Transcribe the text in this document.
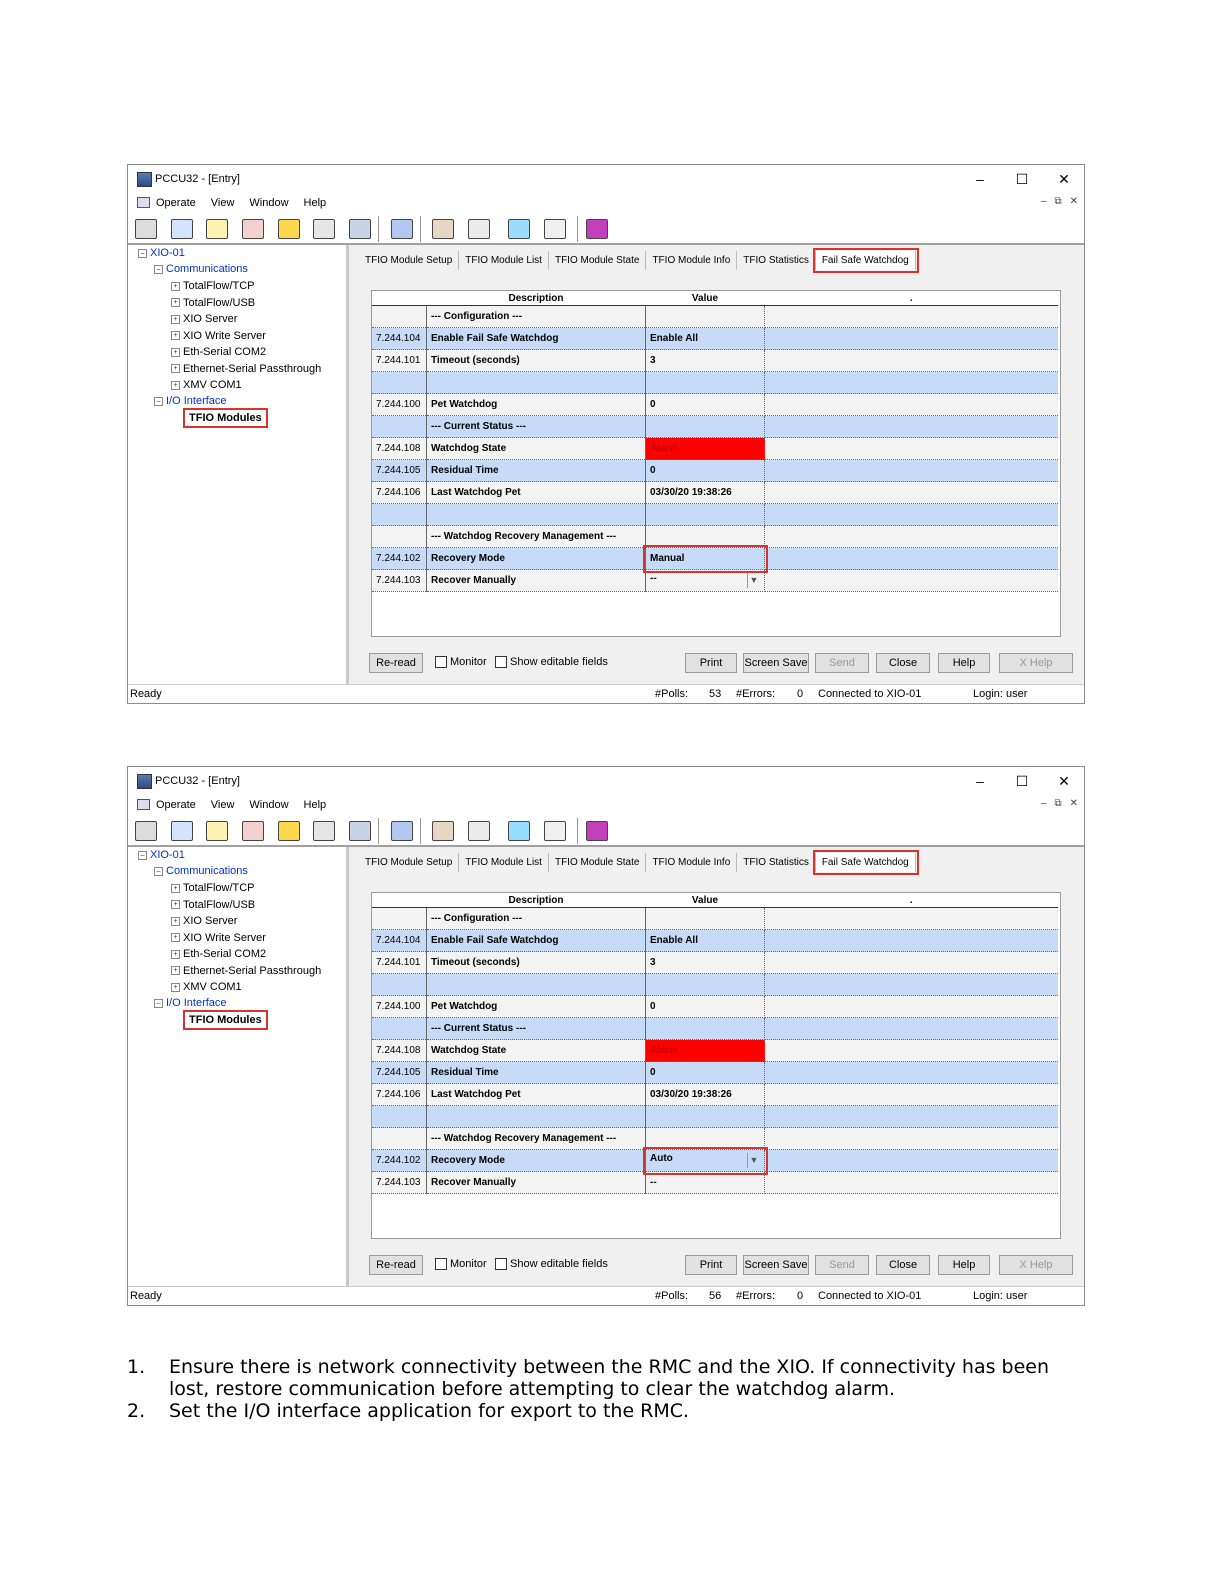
PCCU32 - [Entry]	–	☐	✕
Operate View Window Help	– ⧉ ✕
– XIO-01
– Communications
+ TotalFlow/TCP
+ TotalFlow/USB
+ XIO Server
+ XIO Write Server
+ Eth-Serial COM2
+ Ethernet-Serial Passthrough
+ XMV COM1
– I/O Interface
TFIO Modules
TFIO Module Setup	TFIO Module List	TFIO Module State	TFIO Module Info	TFIO Statistics	Fail Safe Watchdog
	Description	Value	.
	--- Configuration ---		
7.244.104	Enable Fail Safe Watchdog	Enable All	
7.244.101	Timeout (seconds)	3	

7.244.100	Pet Watchdog	0	
	--- Current Status ---		
7.244.108	Watchdog State	Alarm	
7.244.105	Residual Time	0	
7.244.106	Last Watchdog Pet	03/30/20 19:38:26	

	--- Watchdog Recovery Management ---		
7.244.102	Recovery Mode	Manual	
7.244.103	Recover Manually	-- ▼	

Re-read	Monitor	Show editable fields	Print	Screen Save	Send	Close	Help	X Help
Ready	#Polls: 53 #Errors: 0 Connected to XIO-01	Login: user
PCCU32 - [Entry]	–	☐	✕
Operate View Window Help	– ⧉ ✕
– XIO-01
– Communications
+ TotalFlow/TCP
+ TotalFlow/USB
+ XIO Server
+ XIO Write Server
+ Eth-Serial COM2
+ Ethernet-Serial Passthrough
+ XMV COM1
– I/O Interface
TFIO Modules
TFIO Module Setup	TFIO Module List	TFIO Module State	TFIO Module Info	TFIO Statistics	Fail Safe Watchdog
	Description	Value	.
	--- Configuration ---		
7.244.104	Enable Fail Safe Watchdog	Enable All	
7.244.101	Timeout (seconds)	3	

7.244.100	Pet Watchdog	0	
	--- Current Status ---		
7.244.108	Watchdog State	Alarm	
7.244.105	Residual Time	0	
7.244.106	Last Watchdog Pet	03/30/20 19:38:26	

	--- Watchdog Recovery Management ---		
7.244.102	Recovery Mode	Auto ▼	

7.244.103	Recover Manually	--	
Re-read	Monitor	Show editable fields	Print	Screen Save	Send	Close	Help	X Help
Ready	#Polls: 56 #Errors: 0 Connected to XIO-01	Login: user
1. Ensure there is network connectivity between the RMC and the XIO. If connectivity has been lost, restore communication before attempting to clear the watchdog alarm.
2. Set the I/O interface application for export to the RMC.
